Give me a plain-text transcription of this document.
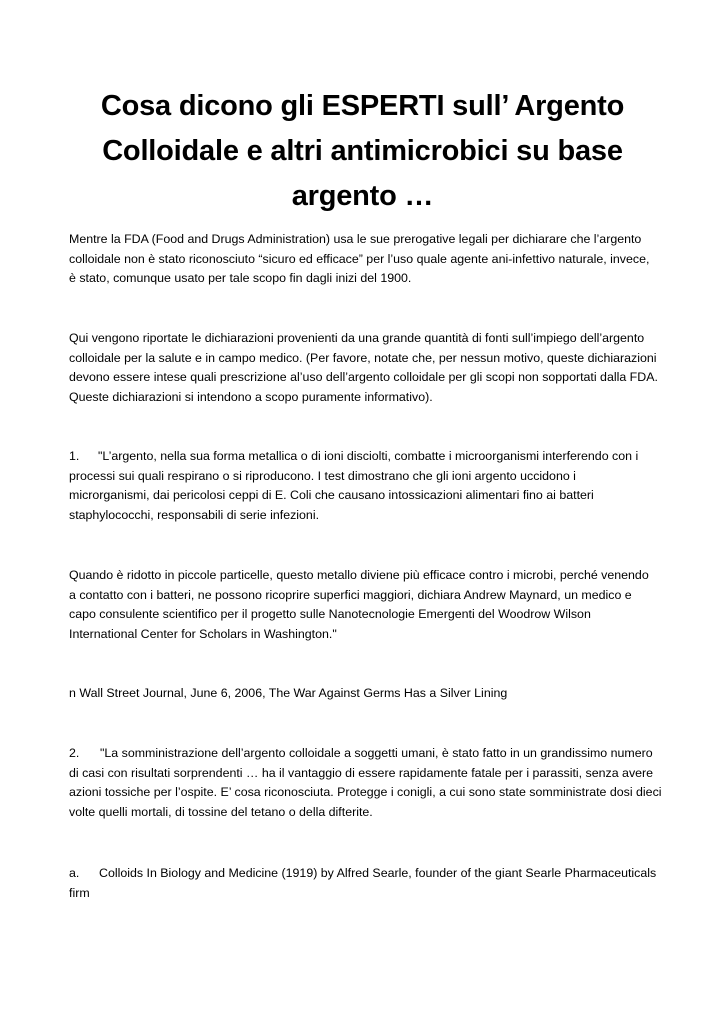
Cosa dicono gli ESPERTI sull’ Argento
Colloidale e altri antimicrobici su base
argento …

Mentre la FDA (Food and Drugs Administration) usa le sue prerogative legali per dichiarare che l’argento
colloidale non è stato riconosciuto “sicuro ed efficace” per l’uso quale agente ani-infettivo naturale, invece,
è stato, comunque usato per tale scopo fin dagli inizi del 1900.

Qui vengono riportate le dichiarazioni provenienti da una grande quantità di fonti sull’impiego dell’argento
colloidale per la salute e in campo medico. (Per favore, notate che, per nessun motivo, queste dichiarazioni
devono essere intese quali prescrizione al’uso dell’argento colloidale per gli scopi non sopportati dalla FDA.
Queste dichiarazioni si intendono a scopo puramente informativo).

1. "L’argento, nella sua forma metallica o di ioni disciolti, combatte i microorganismi interferendo con i
processi sui quali respirano o si riproducono. I test dimostrano che gli ioni argento uccidono i
microrganismi, dai pericolosi ceppi di E. Coli che causano intossicazioni alimentari fino ai batteri
staphylococchi, responsabili di serie infezioni.

Quando è ridotto in piccole particelle, questo metallo diviene più efficace contro i microbi, perché venendo
a contatto con i batteri, ne possono ricoprire superfici maggiori, dichiara Andrew Maynard, un medico e
capo consulente scientifico per il progetto sulle Nanotecnologie Emergenti del Woodrow Wilson
International Center for Scholars in Washington."

n Wall Street Journal, June 6, 2006, The War Against Germs Has a Silver Lining

2. "La somministrazione dell’argento colloidale a soggetti umani, è stato fatto in un grandissimo numero
di casi con risultati sorprendenti … ha il vantaggio di essere rapidamente fatale per i parassiti, senza avere
azioni tossiche per l’ospite. E’ cosa riconosciuta. Protegge i conigli, a cui sono state somministrate dosi dieci
volte quelli mortali, di tossine del tetano o della difterite.

a. Colloids In Biology and Medicine (1919) by Alfred Searle, founder of the giant Searle Pharmaceuticals
firm
